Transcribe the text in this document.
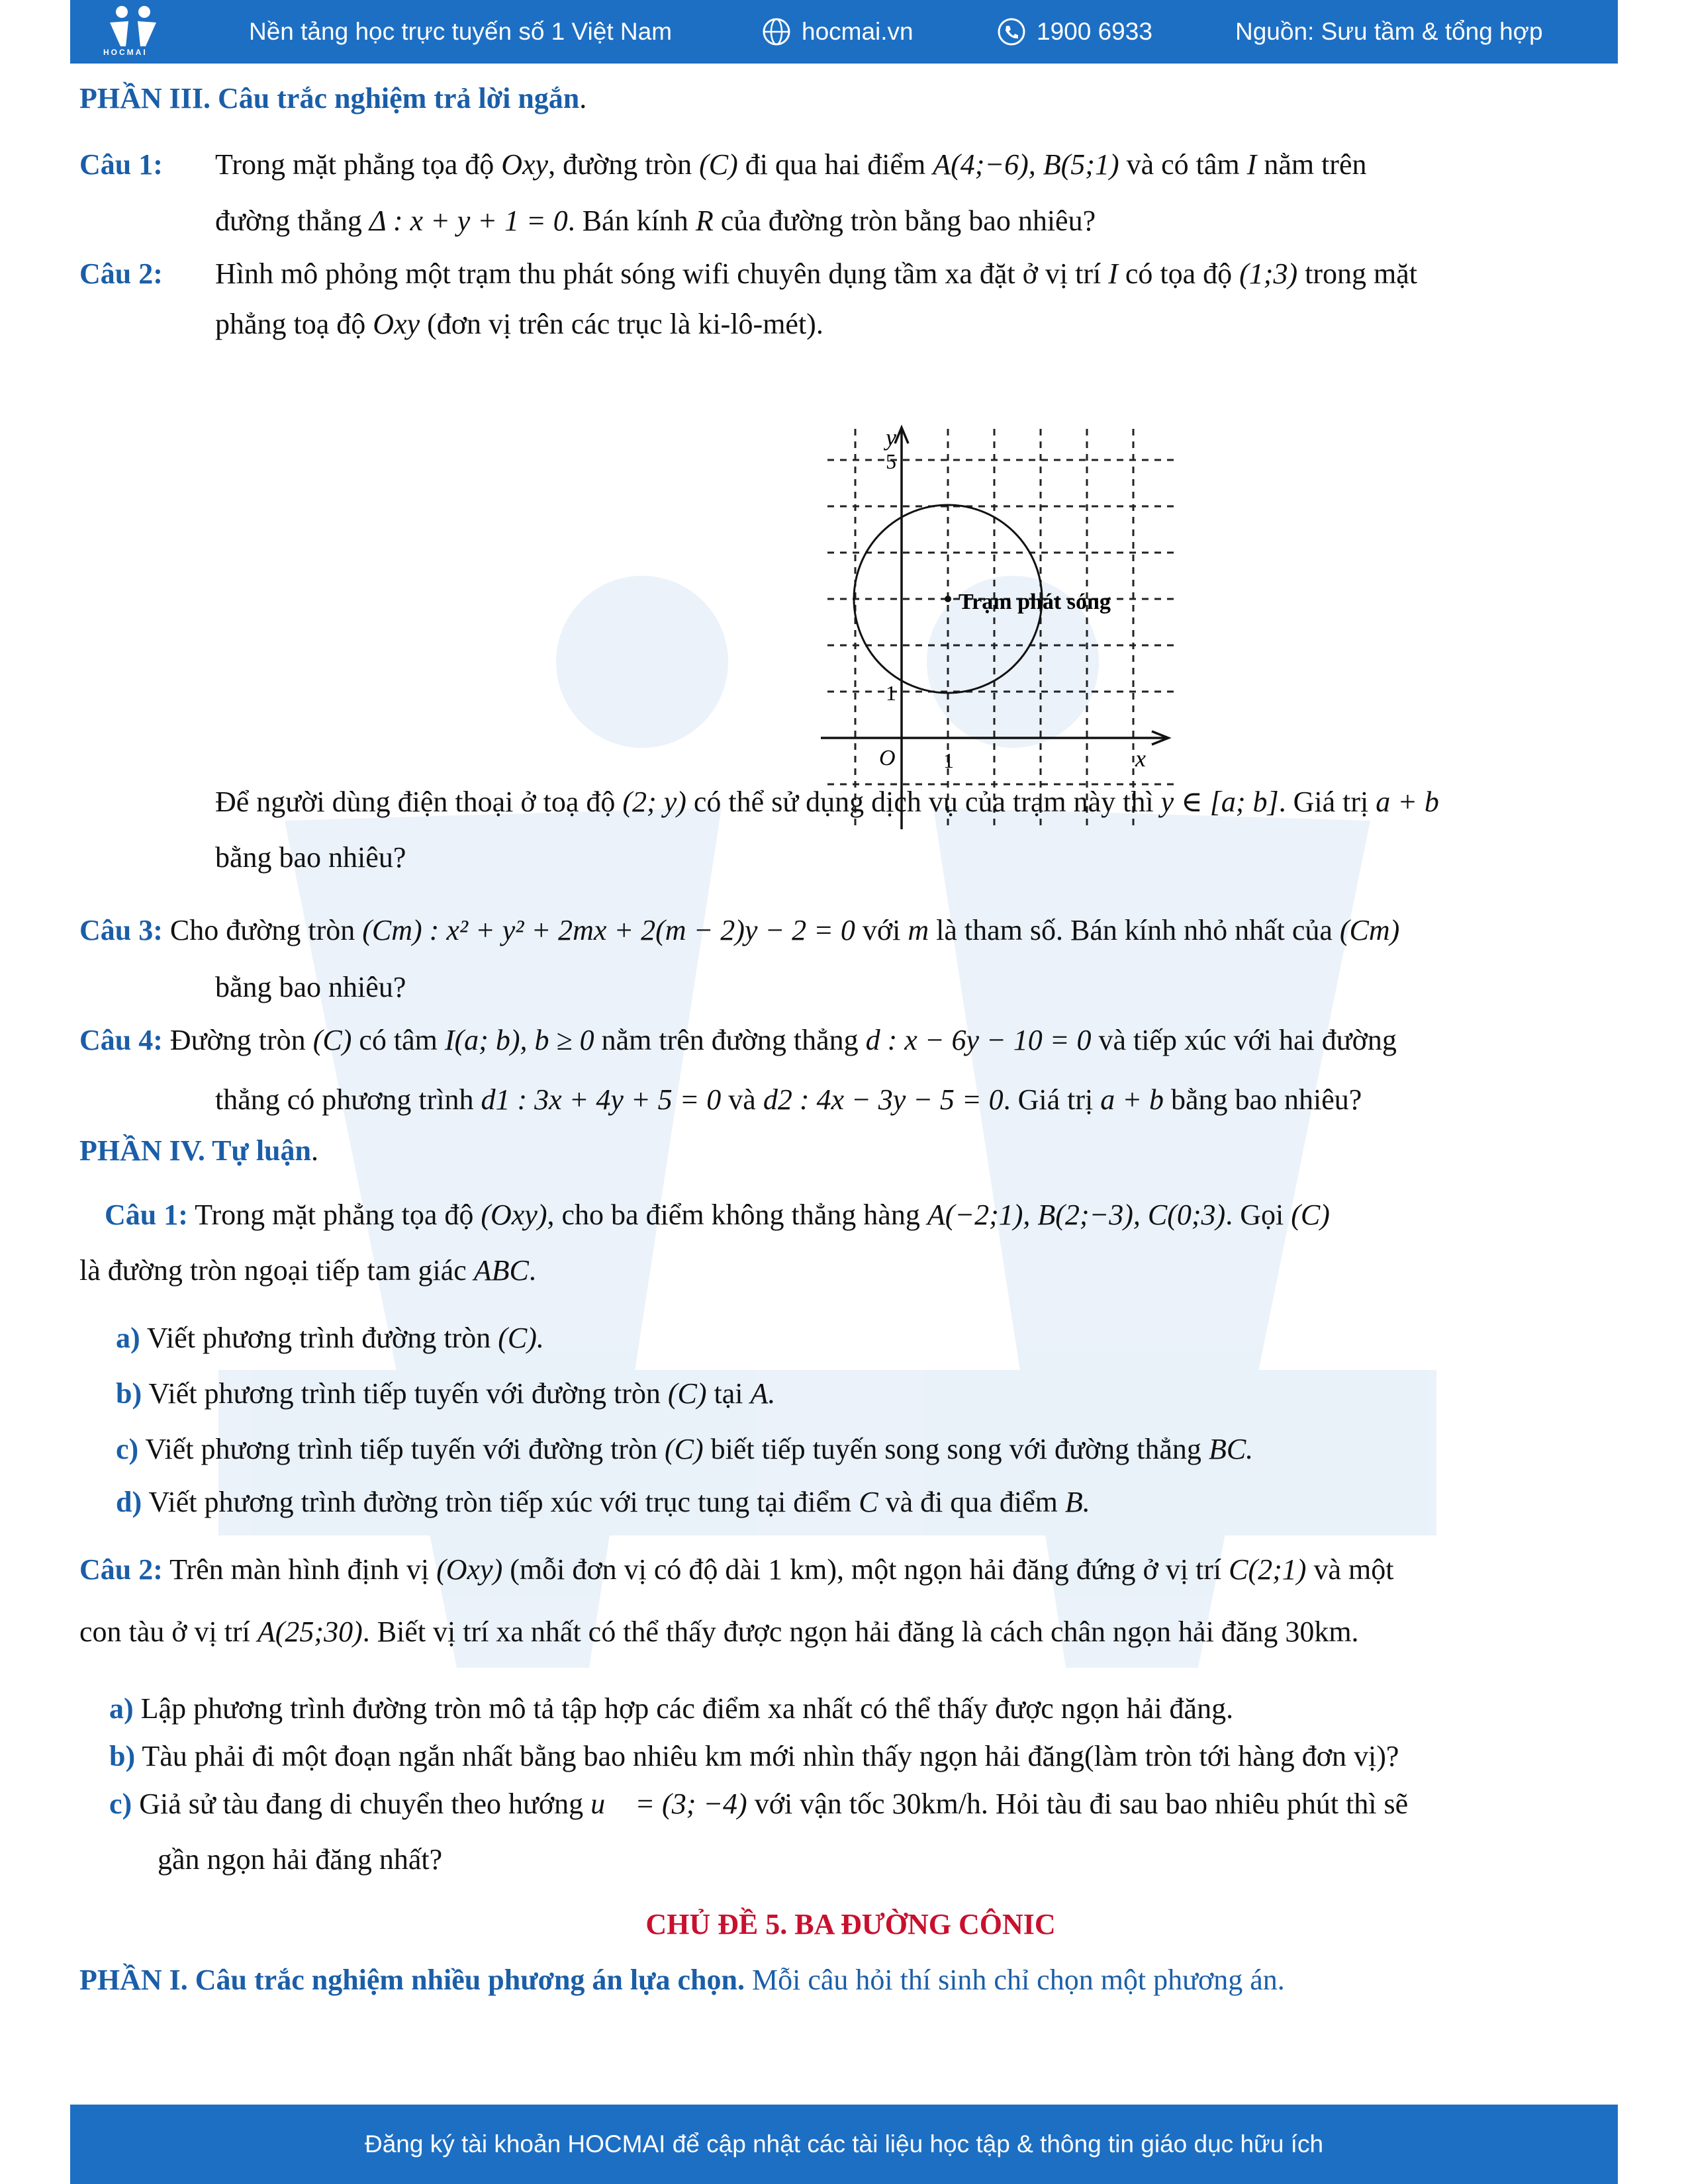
HOCMAI
Nền tảng học trực tuyến số 1 Việt Nam	hocmai.vn	1900 6933	Nguồn: Sưu tầm & tổng hợp
PHẦN III. Câu trắc nghiệm trả lời ngắn.
Câu 1: Trong mặt phẳng tọa độ Oxy, đường tròn (C) đi qua hai điểm A(4;−6), B(5;1) và có tâm I nằm trên
đường thẳng Δ : x + y + 1 = 0. Bán kính R của đường tròn bằng bao nhiêu?
Câu 2: Hình mô phỏng một trạm thu phát sóng wifi chuyên dụng tầm xa đặt ở vị trí I có tọa độ (1;3) trong mặt
phẳng toạ độ Oxy (đơn vị trên các trục là ki-lô-mét).
y
x
5
1
1
O
Trạm phát sóng
Để người dùng điện thoại ở toạ độ (2; y) có thể sử dụng dịch vụ của trạm này thì y ∈ [a; b]. Giá trị a + b
bằng bao nhiêu?
Câu 3: Cho đường tròn (Cm) : x² + y² + 2mx + 2(m − 2)y − 2 = 0 với m là tham số. Bán kính nhỏ nhất của (Cm)
bằng bao nhiêu?
Câu 4: Đường tròn (C) có tâm I(a; b), b ≥ 0 nằm trên đường thẳng d : x − 6y − 10 = 0 và tiếp xúc với hai đường
thẳng có phương trình d1 : 3x + 4y + 5 = 0 và d2 : 4x − 3y − 5 = 0. Giá trị a + b bằng bao nhiêu?
PHẦN IV. Tự luận.
Câu 1: Trong mặt phẳng tọa độ (Oxy), cho ba điểm không thẳng hàng A(−2;1), B(2;−3), C(0;3). Gọi (C)
là đường tròn ngoại tiếp tam giác ABC.
a) Viết phương trình đường tròn (C).
b) Viết phương trình tiếp tuyến với đường tròn (C) tại A.
c) Viết phương trình tiếp tuyến với đường tròn (C) biết tiếp tuyến song song với đường thẳng BC.
d) Viết phương trình đường tròn tiếp xúc với trục tung tại điểm C và đi qua điểm B.
Câu 2: Trên màn hình định vị (Oxy) (mỗi đơn vị có độ dài 1 km), một ngọn hải đăng đứng ở vị trí C(2;1) và một
con tàu ở vị trí A(25;30). Biết vị trí xa nhất có thể thấy được ngọn hải đăng là cách chân ngọn hải đăng 30km.
a) Lập phương trình đường tròn mô tả tập hợp các điểm xa nhất có thể thấy được ngọn hải đăng.
b) Tàu phải đi một đoạn ngắn nhất bằng bao nhiêu km mới nhìn thấy ngọn hải đăng(làm tròn tới hàng đơn vị)?
c) Giả sử tàu đang di chuyển theo hướng u⃗ = (3; −4) với vận tốc 30km/h. Hỏi tàu đi sau bao nhiêu phút thì sẽ
gần ngọn hải đăng nhất?
CHỦ ĐỀ 5. BA ĐƯỜNG CÔNIC
PHẦN I. Câu trắc nghiệm nhiều phương án lựa chọn. Mỗi câu hỏi thí sinh chỉ chọn một phương án.
Đăng ký tài khoản HOCMAI để cập nhật các tài liệu học tập & thông tin giáo dục hữu ích
